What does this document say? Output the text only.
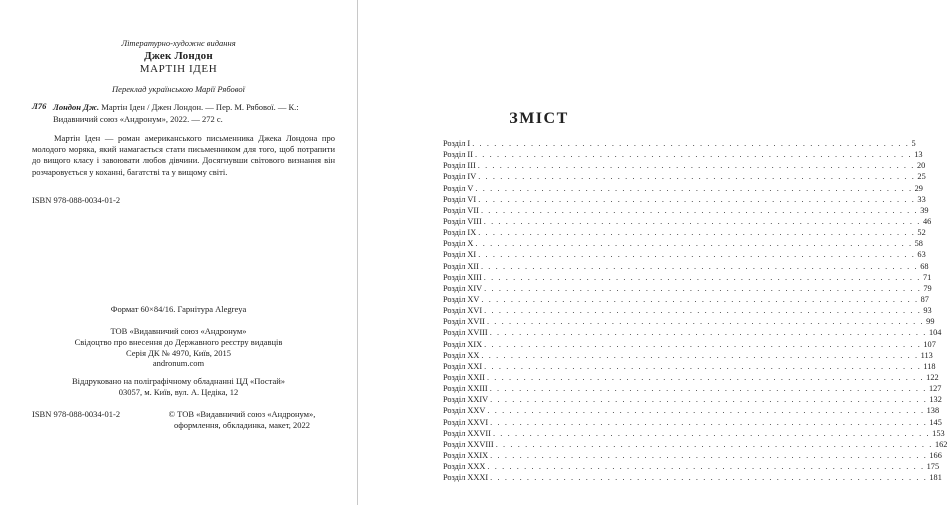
Літературно-художнє видання
Джек Лондон
МАРТІН ІДЕН
Переклад українською Марії Рябової
Л76 Лондон Дж. Мартін Іден / Джен Лондон. — Пер. М. Рябової. — К.: Видавничий союз «Андронум», 2022. — 272 с.
Мартін Іден — роман американського письменника Джека Лондона про молодого моряка, який намагається стати письменником для того, щоб потрапити до вищого класу і завоювати любов дівчини. Досягнувши світового визнання він розчаровується у коханні, багатстві та у вищому світі.
ISBN 978-088-0034-01-2
Формат 60×84/16. Гарнітура Alegreya
ТОВ «Видавничий союз «Андронум»
Свідоцтво про внесення до Державного реєстру видавців
Серія ДК № 4970, Київ, 2015
andronum.com
Віддруковано на поліграфічному обладнанні ЦД «Постай»
03057, м. Київ, вул. А. Цедіка, 12
ISBN 978-088-0034-01-2	© ТОВ «Видавничий союз «Андронум»,
оформлення, обкладинка, макет, 2022
ЗМІСТ
Розділ I . . . . . . . . . . . . . . . . . . . . . . . . . . . . . . . . . . . . . . . . . . . . . . . . . . . . . . . . . . . . 5
Розділ II . . . . . . . . . . . . . . . . . . . . . . . . . . . . . . . . . . . . . . . . . . . . . . . . . . . . . . . . . . . . 13
Розділ III . . . . . . . . . . . . . . . . . . . . . . . . . . . . . . . . . . . . . . . . . . . . . . . . . . . . . . . . . . . . 20
Розділ IV . . . . . . . . . . . . . . . . . . . . . . . . . . . . . . . . . . . . . . . . . . . . . . . . . . . . . . . . . . . . 25
Розділ V . . . . . . . . . . . . . . . . . . . . . . . . . . . . . . . . . . . . . . . . . . . . . . . . . . . . . . . . . . . . 29
Розділ VI . . . . . . . . . . . . . . . . . . . . . . . . . . . . . . . . . . . . . . . . . . . . . . . . . . . . . . . . . . . . 33
Розділ VII . . . . . . . . . . . . . . . . . . . . . . . . . . . . . . . . . . . . . . . . . . . . . . . . . . . . . . . . . . . . 39
Розділ VIII . . . . . . . . . . . . . . . . . . . . . . . . . . . . . . . . . . . . . . . . . . . . . . . . . . . . . . . . . . . . 46
Розділ IX . . . . . . . . . . . . . . . . . . . . . . . . . . . . . . . . . . . . . . . . . . . . . . . . . . . . . . . . . . . . 52
Розділ X . . . . . . . . . . . . . . . . . . . . . . . . . . . . . . . . . . . . . . . . . . . . . . . . . . . . . . . . . . . . 58
Розділ XI . . . . . . . . . . . . . . . . . . . . . . . . . . . . . . . . . . . . . . . . . . . . . . . . . . . . . . . . . . . . 63
Розділ XII . . . . . . . . . . . . . . . . . . . . . . . . . . . . . . . . . . . . . . . . . . . . . . . . . . . . . . . . . . . . 68
Розділ XIII . . . . . . . . . . . . . . . . . . . . . . . . . . . . . . . . . . . . . . . . . . . . . . . . . . . . . . . . . . . . 71
Розділ XIV . . . . . . . . . . . . . . . . . . . . . . . . . . . . . . . . . . . . . . . . . . . . . . . . . . . . . . . . . . . . 79
Розділ XV . . . . . . . . . . . . . . . . . . . . . . . . . . . . . . . . . . . . . . . . . . . . . . . . . . . . . . . . . . . . 87
Розділ XVI . . . . . . . . . . . . . . . . . . . . . . . . . . . . . . . . . . . . . . . . . . . . . . . . . . . . . . . . . . . . 93
Розділ XVII . . . . . . . . . . . . . . . . . . . . . . . . . . . . . . . . . . . . . . . . . . . . . . . . . . . . . . . . . . . . 99
Розділ XVIII . . . . . . . . . . . . . . . . . . . . . . . . . . . . . . . . . . . . . . . . . . . . . . . . . . . . . . . . . . . . 104
Розділ XIX . . . . . . . . . . . . . . . . . . . . . . . . . . . . . . . . . . . . . . . . . . . . . . . . . . . . . . . . . . . . 107
Розділ XX . . . . . . . . . . . . . . . . . . . . . . . . . . . . . . . . . . . . . . . . . . . . . . . . . . . . . . . . . . . . 113
Розділ XXI . . . . . . . . . . . . . . . . . . . . . . . . . . . . . . . . . . . . . . . . . . . . . . . . . . . . . . . . . . . . 118
Розділ XXII . . . . . . . . . . . . . . . . . . . . . . . . . . . . . . . . . . . . . . . . . . . . . . . . . . . . . . . . . . . . 122
Розділ XXIII . . . . . . . . . . . . . . . . . . . . . . . . . . . . . . . . . . . . . . . . . . . . . . . . . . . . . . . . . . . . 127
Розділ XXIV . . . . . . . . . . . . . . . . . . . . . . . . . . . . . . . . . . . . . . . . . . . . . . . . . . . . . . . . . . . . 132
Розділ XXV . . . . . . . . . . . . . . . . . . . . . . . . . . . . . . . . . . . . . . . . . . . . . . . . . . . . . . . . . . . . 138
Розділ XXVI . . . . . . . . . . . . . . . . . . . . . . . . . . . . . . . . . . . . . . . . . . . . . . . . . . . . . . . . . . . . 145
Розділ XXVII . . . . . . . . . . . . . . . . . . . . . . . . . . . . . . . . . . . . . . . . . . . . . . . . . . . . . . . . . . . . 153
Розділ XXVIII . . . . . . . . . . . . . . . . . . . . . . . . . . . . . . . . . . . . . . . . . . . . . . . . . . . . . . . . . . . . 162
Розділ XXIX . . . . . . . . . . . . . . . . . . . . . . . . . . . . . . . . . . . . . . . . . . . . . . . . . . . . . . . . . . . . 166
Розділ XXX . . . . . . . . . . . . . . . . . . . . . . . . . . . . . . . . . . . . . . . . . . . . . . . . . . . . . . . . . . . . 175
Розділ XXXI . . . . . . . . . . . . . . . . . . . . . . . . . . . . . . . . . . . . . . . . . . . . . . . . . . . . . . . . . . . . 181
